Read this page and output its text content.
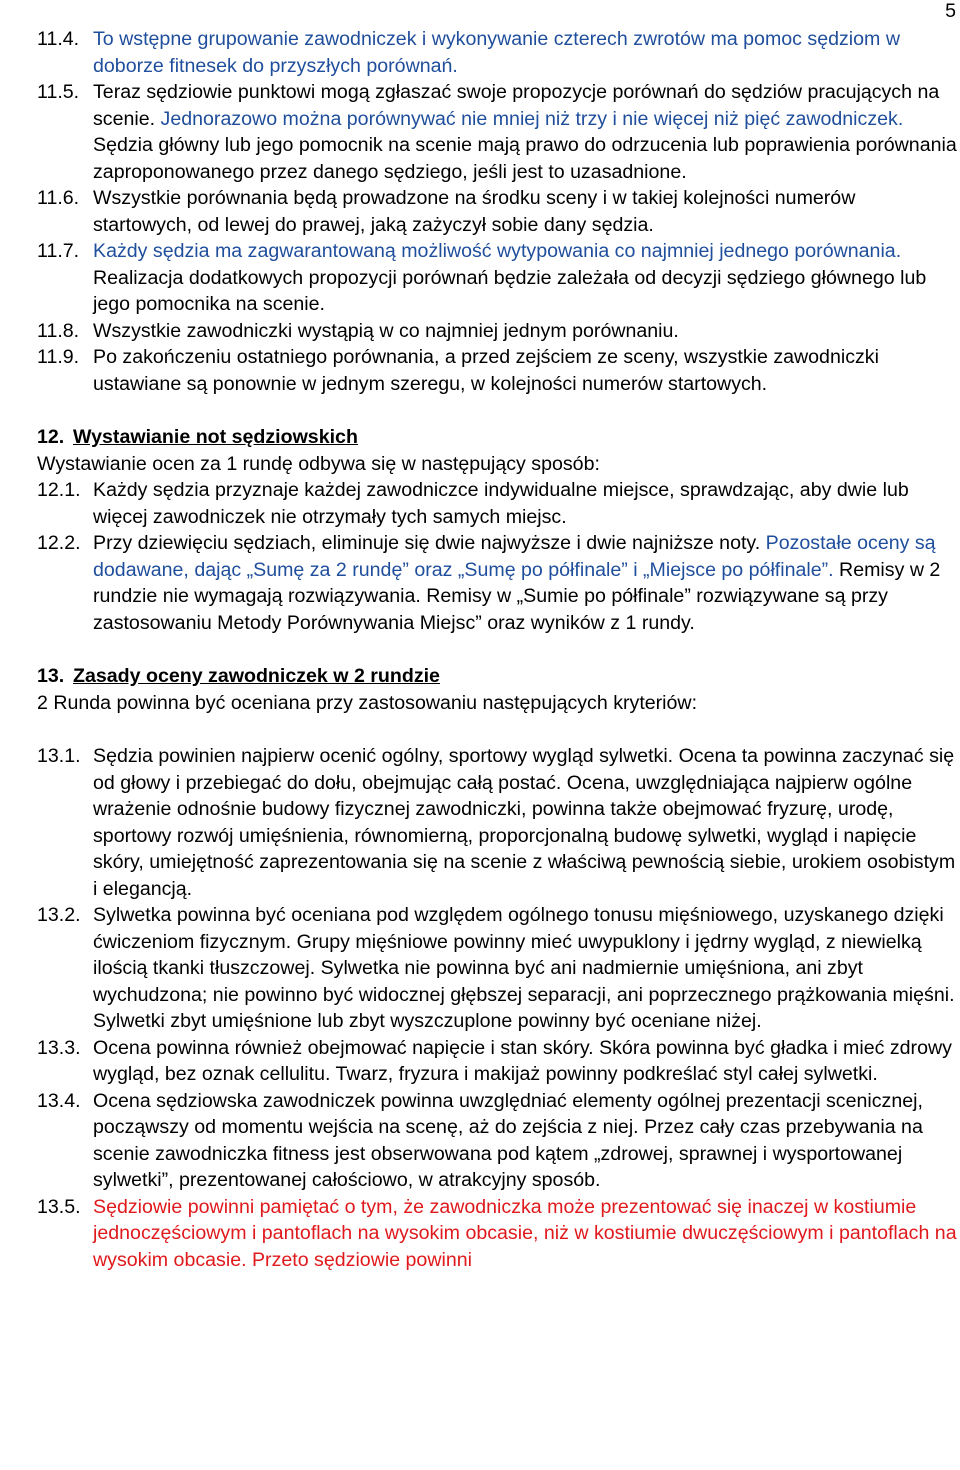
5
11.4. To wstępne grupowanie zawodniczek i wykonywanie czterech zwrotów ma pomoc sędziom w doborze fitnesek do przyszłych porównań.
11.5. Teraz sędziowie punktowi mogą zgłaszać swoje propozycje porównań do sędziów pracujących na scenie. Jednorazowo można porównywać nie mniej niż trzy i nie więcej niż pięć zawodniczek. Sędzia główny lub jego pomocnik na scenie mają prawo do odrzucenia lub poprawienia porównania zaproponowanego przez danego sędziego, jeśli jest to uzasadnione.
11.6. Wszystkie porównania będą prowadzone na środku sceny i w takiej kolejności numerów startowych, od lewej do prawej, jaką zażyczył sobie dany sędzia.
11.7. Każdy sędzia ma zagwarantowaną możliwość wytypowania co najmniej jednego porównania. Realizacja dodatkowych propozycji porównań będzie zależała od decyzji sędziego głównego lub jego pomocnika na scenie.
11.8. Wszystkie zawodniczki wystąpią w co najmniej jednym porównaniu.
11.9. Po zakończeniu ostatniego porównania, a przed zejściem ze sceny, wszystkie zawodniczki ustawiane są ponownie w jednym szeregu, w kolejności numerów startowych.
12. Wystawianie not sędziowskich
Wystawianie ocen za 1 rundę odbywa się w następujący sposób:
12.1. Każdy sędzia przyznaje każdej zawodniczce indywidualne miejsce, sprawdzając, aby dwie lub więcej zawodniczek nie otrzymały tych samych miejsc.
12.2. Przy dziewięciu sędziach, eliminuje się dwie najwyższe i dwie najniższe noty. Pozostałe oceny są dodawane, dając „Sumę za 2 rundę” oraz „Sumę po półfinale” i „Miejsce po półfinale”. Remisy w 2 rundzie nie wymagają rozwiązywania. Remisy w „Sumie po półfinale” rozwiązywane są przy zastosowaniu Metody Porównywania Miejsc” oraz wyników z 1 rundy.
13. Zasady oceny zawodniczek w 2 rundzie
2 Runda powinna być oceniana przy zastosowaniu następujących kryteriów:
13.1. Sędzia powinien najpierw ocenić ogólny, sportowy wygląd sylwetki. Ocena ta powinna zaczynać się od głowy i przebiegać do dołu, obejmując całą postać. Ocena, uwzględniająca najpierw ogólne wrażenie odnośnie budowy fizycznej zawodniczki, powinna także obejmować fryzurę, urodę, sportowy rozwój umięśnienia, równomierną, proporcjonalną budowę sylwetki, wygląd i napięcie skóry, umiejętność zaprezentowania się na scenie z właściwą pewnością siebie, urokiem osobistym i elegancją.
13.2. Sylwetka powinna być oceniana pod względem ogólnego tonusu mięśniowego, uzyskanego dzięki ćwiczeniom fizycznym. Grupy mięśniowe powinny mieć uwypuklony i jędrny wygląd, z niewielką ilością tkanki tłuszczowej. Sylwetka nie powinna być ani nadmiernie umięśniona, ani zbyt wychudzona; nie powinno być widocznej głębszej separacji, ani poprzecznego prążkowania mięśni. Sylwetki zbyt umięśnione lub zbyt wyszczuplone powinny być oceniane niżej.
13.3. Ocena powinna również obejmować napięcie i stan skóry. Skóra powinna być gładka i mieć zdrowy wygląd, bez oznak cellulitu. Twarz, fryzura i makijaż powinny podkreślać styl całej sylwetki.
13.4. Ocena sędziowska zawodniczek powinna uwzględniać elementy ogólnej prezentacji scenicznej, począwszy od momentu wejścia na scenę, aż do zejścia z niej. Przez cały czas przebywania na scenie zawodniczka fitness jest obserwowana pod kątem „zdrowej, sprawnej i wysportowanej sylwetki”, prezentowanej całościowo, w atrakcyjny sposób.
13.5. Sędziowie powinni pamiętać o tym, że zawodniczka może prezentować się inaczej w kostiumie jednoczęściowym i pantoflach na wysokim obcasie, niż w kostiumie dwuczęściowym i pantoflach na wysokim obcasie. Przeto sędziowie powinni
